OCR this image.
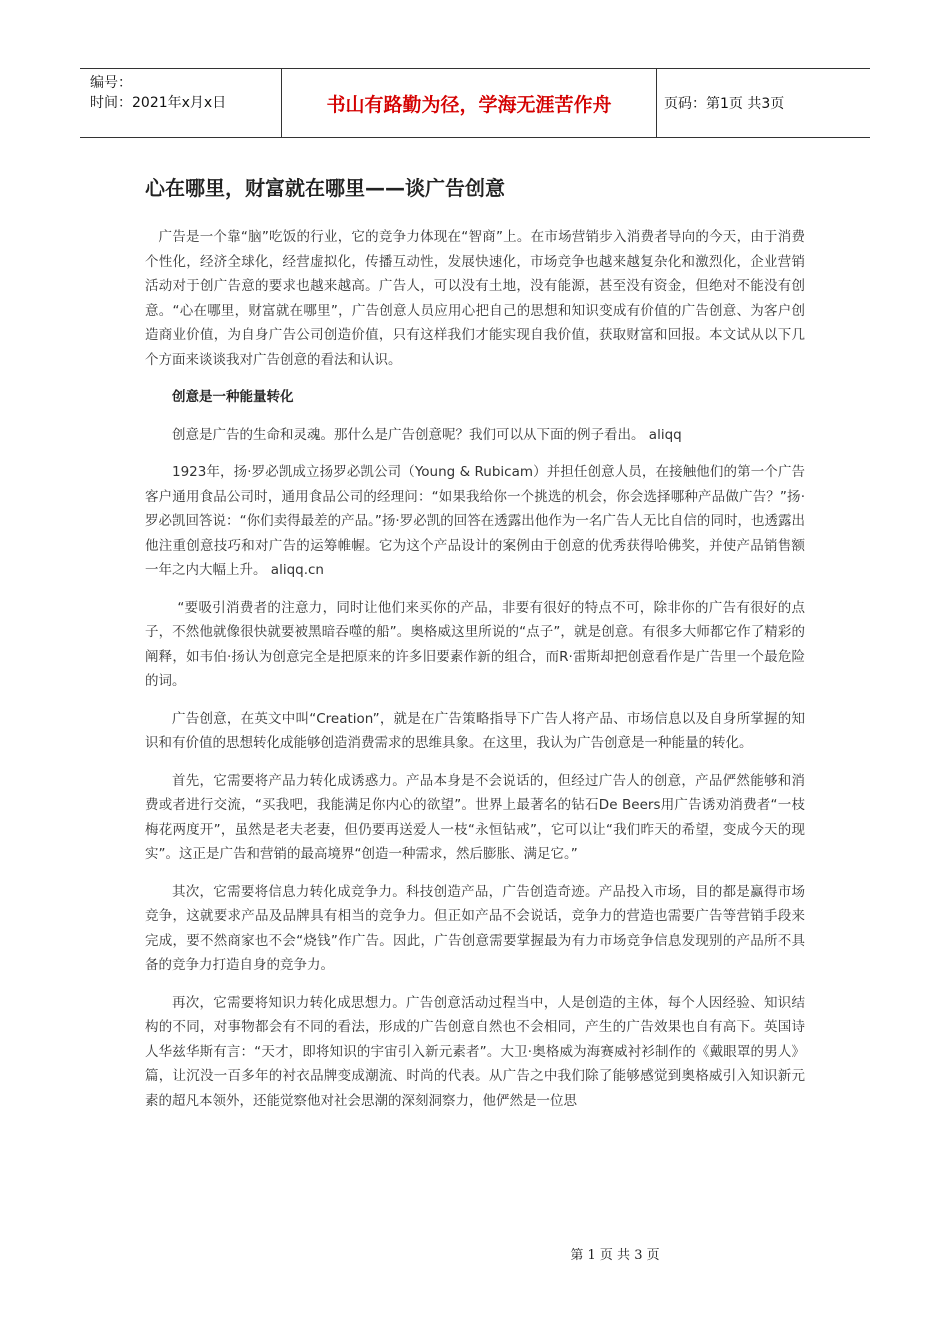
编号：
时间：2021年x月x日	书山有路勤为径，学海无涯苦作舟	页码：第1页 共3页
心在哪里，财富就在哪里——谈广告创意

广告是一个靠“脑”吃饭的行业，它的竞争力体现在“智商”上。在市场营销步入消费者导向的今天，由于消费个性化，经济全球化，经营虚拟化，传播互动性，发展快速化，市场竞争也越来越复杂化和激烈化，企业营销活动对于创广告意的要求也越来越高。广告人，可以没有土地，没有能源，甚至没有资金，但绝对不能没有创意。“心在哪里，财富就在哪里”，广告创意人员应用心把自己的思想和知识变成有价值的广告创意、为客户创造商业价值，为自身广告公司创造价值，只有这样我们才能实现自我价值，获取财富和回报。本文试从以下几个方面来谈谈我对广告创意的看法和认识。

创意是一种能量转化

创意是广告的生命和灵魂。那什么是广告创意呢？我们可以从下面的例子看出。 aliqq

1923年，扬·罗必凯成立扬罗必凯公司（Young & Rubicam）并担任创意人员，在接触他们的第一个广告客户通用食品公司时，通用食品公司的经理问：“如果我给你一个挑选的机会，你会选择哪种产品做广告？”扬·罗必凯回答说：“你们卖得最差的产品。”扬·罗必凯的回答在透露出他作为一名广告人无比自信的同时，也透露出他注重创意技巧和对广告的运筹帷幄。它为这个产品设计的案例由于创意的优秀获得哈佛奖，并使产品销售额一年之内大幅上升。 aliqq.cn

“要吸引消费者的注意力，同时让他们来买你的产品，非要有很好的特点不可，除非你的广告有很好的点子，不然他就像很快就要被黑暗吞噬的船”。奥格威这里所说的“点子”，就是创意。有很多大师都它作了精彩的阐释，如韦伯·扬认为创意完全是把原来的许多旧要素作新的组合，而R·雷斯却把创意看作是广告里一个最危险的词。

广告创意，在英文中叫“Creation”，就是在广告策略指导下广告人将产品、市场信息以及自身所掌握的知识和有价值的思想转化成能够创造消费需求的思维具象。在这里，我认为广告创意是一种能量的转化。

首先，它需要将产品力转化成诱惑力。产品本身是不会说话的，但经过广告人的创意，产品俨然能够和消费或者进行交流，“买我吧，我能满足你内心的欲望”。世界上最著名的钻石De Beers用广告诱劝消费者“一枝梅花两度开”，虽然是老夫老妻，但仍要再送爱人一枝“永恒钻戒”，它可以让“我们昨天的希望，变成今天的现实”。这正是广告和营销的最高境界“创造一种需求，然后膨胀、满足它。”

其次，它需要将信息力转化成竞争力。科技创造产品，广告创造奇迹。产品投入市场，目的都是赢得市场竞争，这就要求产品及品牌具有相当的竞争力。但正如产品不会说话，竞争力的营造也需要广告等营销手段来完成，要不然商家也不会“烧钱”作广告。因此，广告创意需要掌握最为有力市场竞争信息发现别的产品所不具备的竞争力打造自身的竞争力。

再次，它需要将知识力转化成思想力。广告创意活动过程当中，人是创造的主体，每个人因经验、知识结构的不同，对事物都会有不同的看法，形成的广告创意自然也不会相同，产生的广告效果也自有高下。英国诗人华兹华斯有言：“天才，即将知识的宇宙引入新元素者”。大卫·奥格威为海赛威衬衫制作的《戴眼罩的男人》篇，让沉没一百多年的衬衣品牌变成潮流、时尚的代表。从广告之中我们除了能够感觉到奥格威引入知识新元素的超凡本领外，还能觉察他对社会思潮的深刻洞察力，他俨然是一位思

第 1 页 共 3 页
